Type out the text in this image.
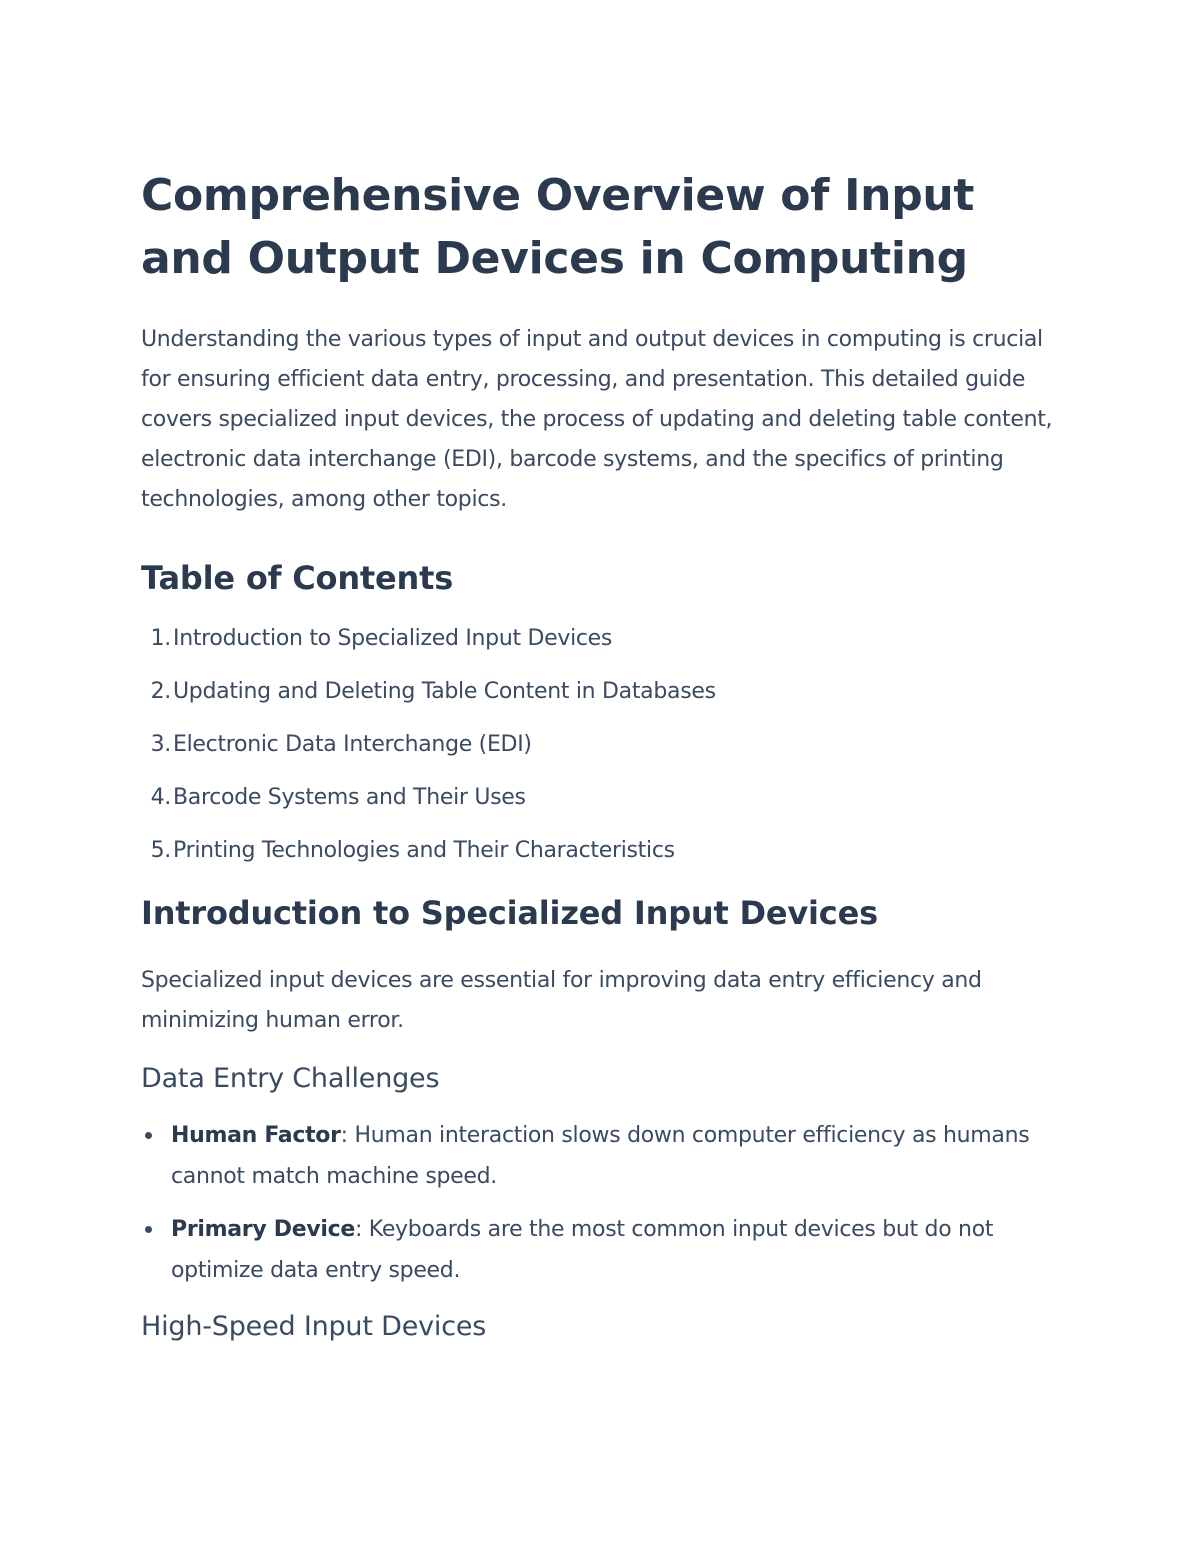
Comprehensive Overview of Input and Output Devices in Computing

Understanding the various types of input and output devices in computing is crucial for ensuring efficient data entry, processing, and presentation. This detailed guide covers specialized input devices, the process of updating and deleting table content, electronic data interchange (EDI), barcode systems, and the specifics of printing technologies, among other topics.

Table of Contents
1. Introduction to Specialized Input Devices
2. Updating and Deleting Table Content in Databases
3. Electronic Data Interchange (EDI)
4. Barcode Systems and Their Uses
5. Printing Technologies and Their Characteristics
Introduction to Specialized Input Devices

Specialized input devices are essential for improving data entry efficiency and minimizing human error.

Data Entry Challenges
Human Factor: Human interaction slows down computer efficiency as humans cannot match machine speed.
Primary Device: Keyboards are the most common input devices but do not optimize data entry speed.
High-Speed Input Devices
